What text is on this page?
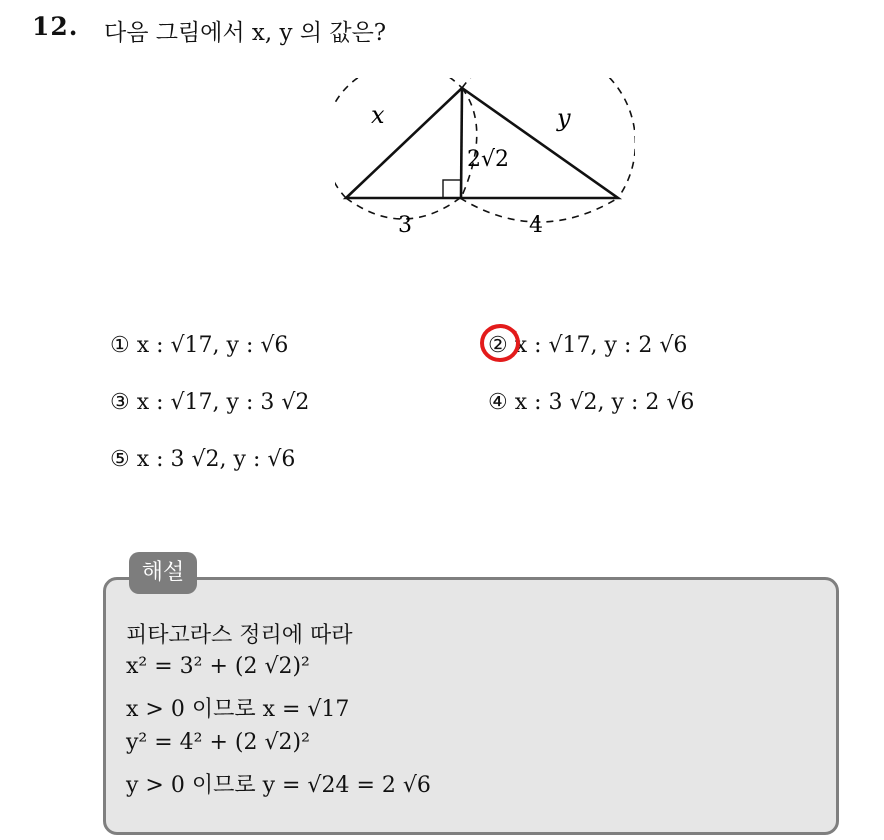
12. 다음 그림에서 x, y 의 값은?
x	y
2√2
3	4
① x : √17, y : √6	② x : √17, y : 2 √6
③ x : √17, y : 3 √2	④ x : 3 √2, y : 2 √6
⑤ x : 3 √2, y : √6
해설
피타고라스 정리에 따라
x² = 3² + (2 √2)²
x > 0 이므로 x = √17
y² = 4² + (2 √2)²
y > 0 이므로 y = √24 = 2 √6
